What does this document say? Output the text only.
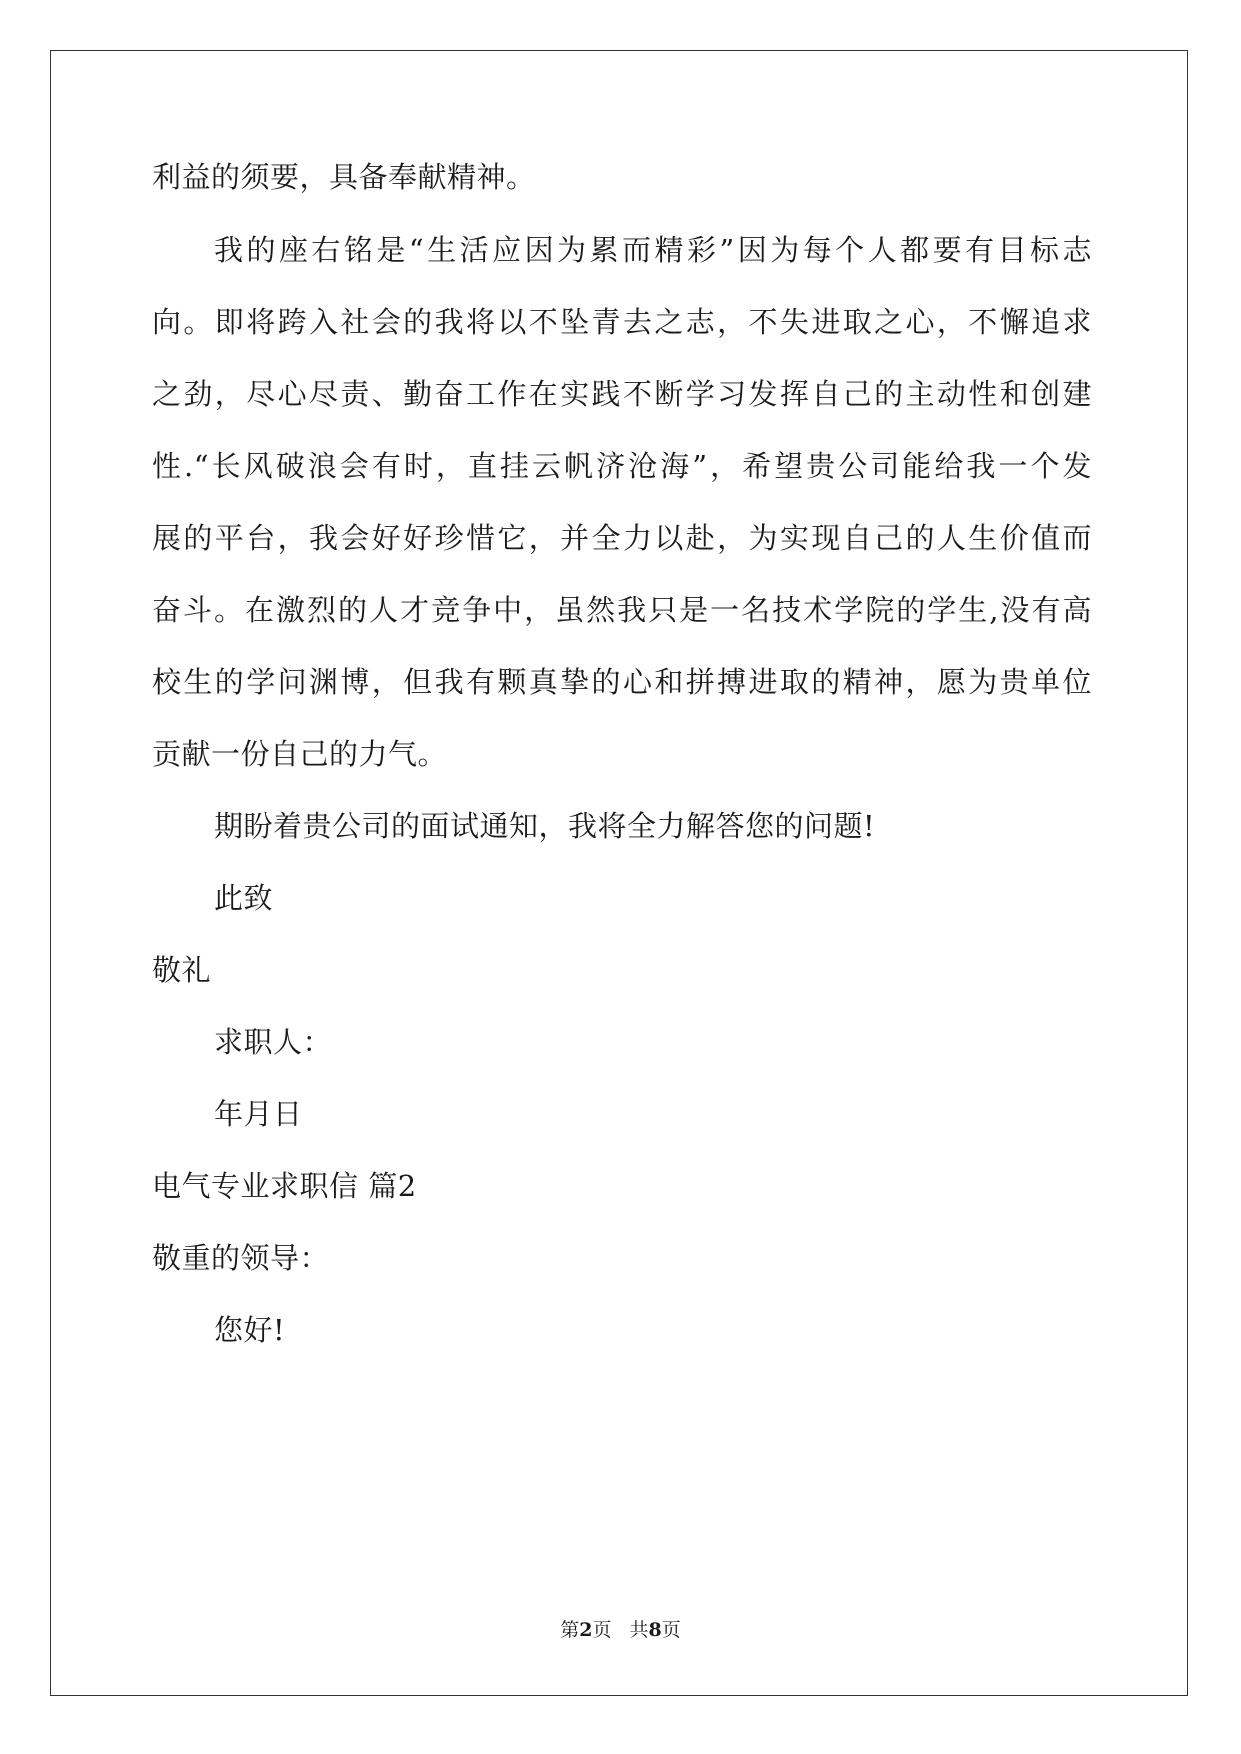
利益的须要，具备奉献精神。
我的座右铭是“生活应因为累而精彩”因为每个人都要有目标志
向。即将跨入社会的我将以不坠青去之志，不失进取之心，不懈追求
之劲，尽心尽责、勤奋工作在实践不断学习发挥自己的主动性和创建
性.“长风破浪会有时，直挂云帆济沧海”，希望贵公司能给我一个发
展的平台，我会好好珍惜它，并全力以赴，为实现自己的人生价值而
奋斗。在激烈的人才竞争中，虽然我只是一名技术学院的学生,没有高
校生的学问渊博，但我有颗真挚的心和拼搏进取的精神，愿为贵单位
贡献一份自己的力气。
期盼着贵公司的面试通知，我将全力解答您的问题!
此致
敬礼
求职人：
年月日
电气专业求职信 篇2
敬重的领导：
您好!
第2页 共8页
